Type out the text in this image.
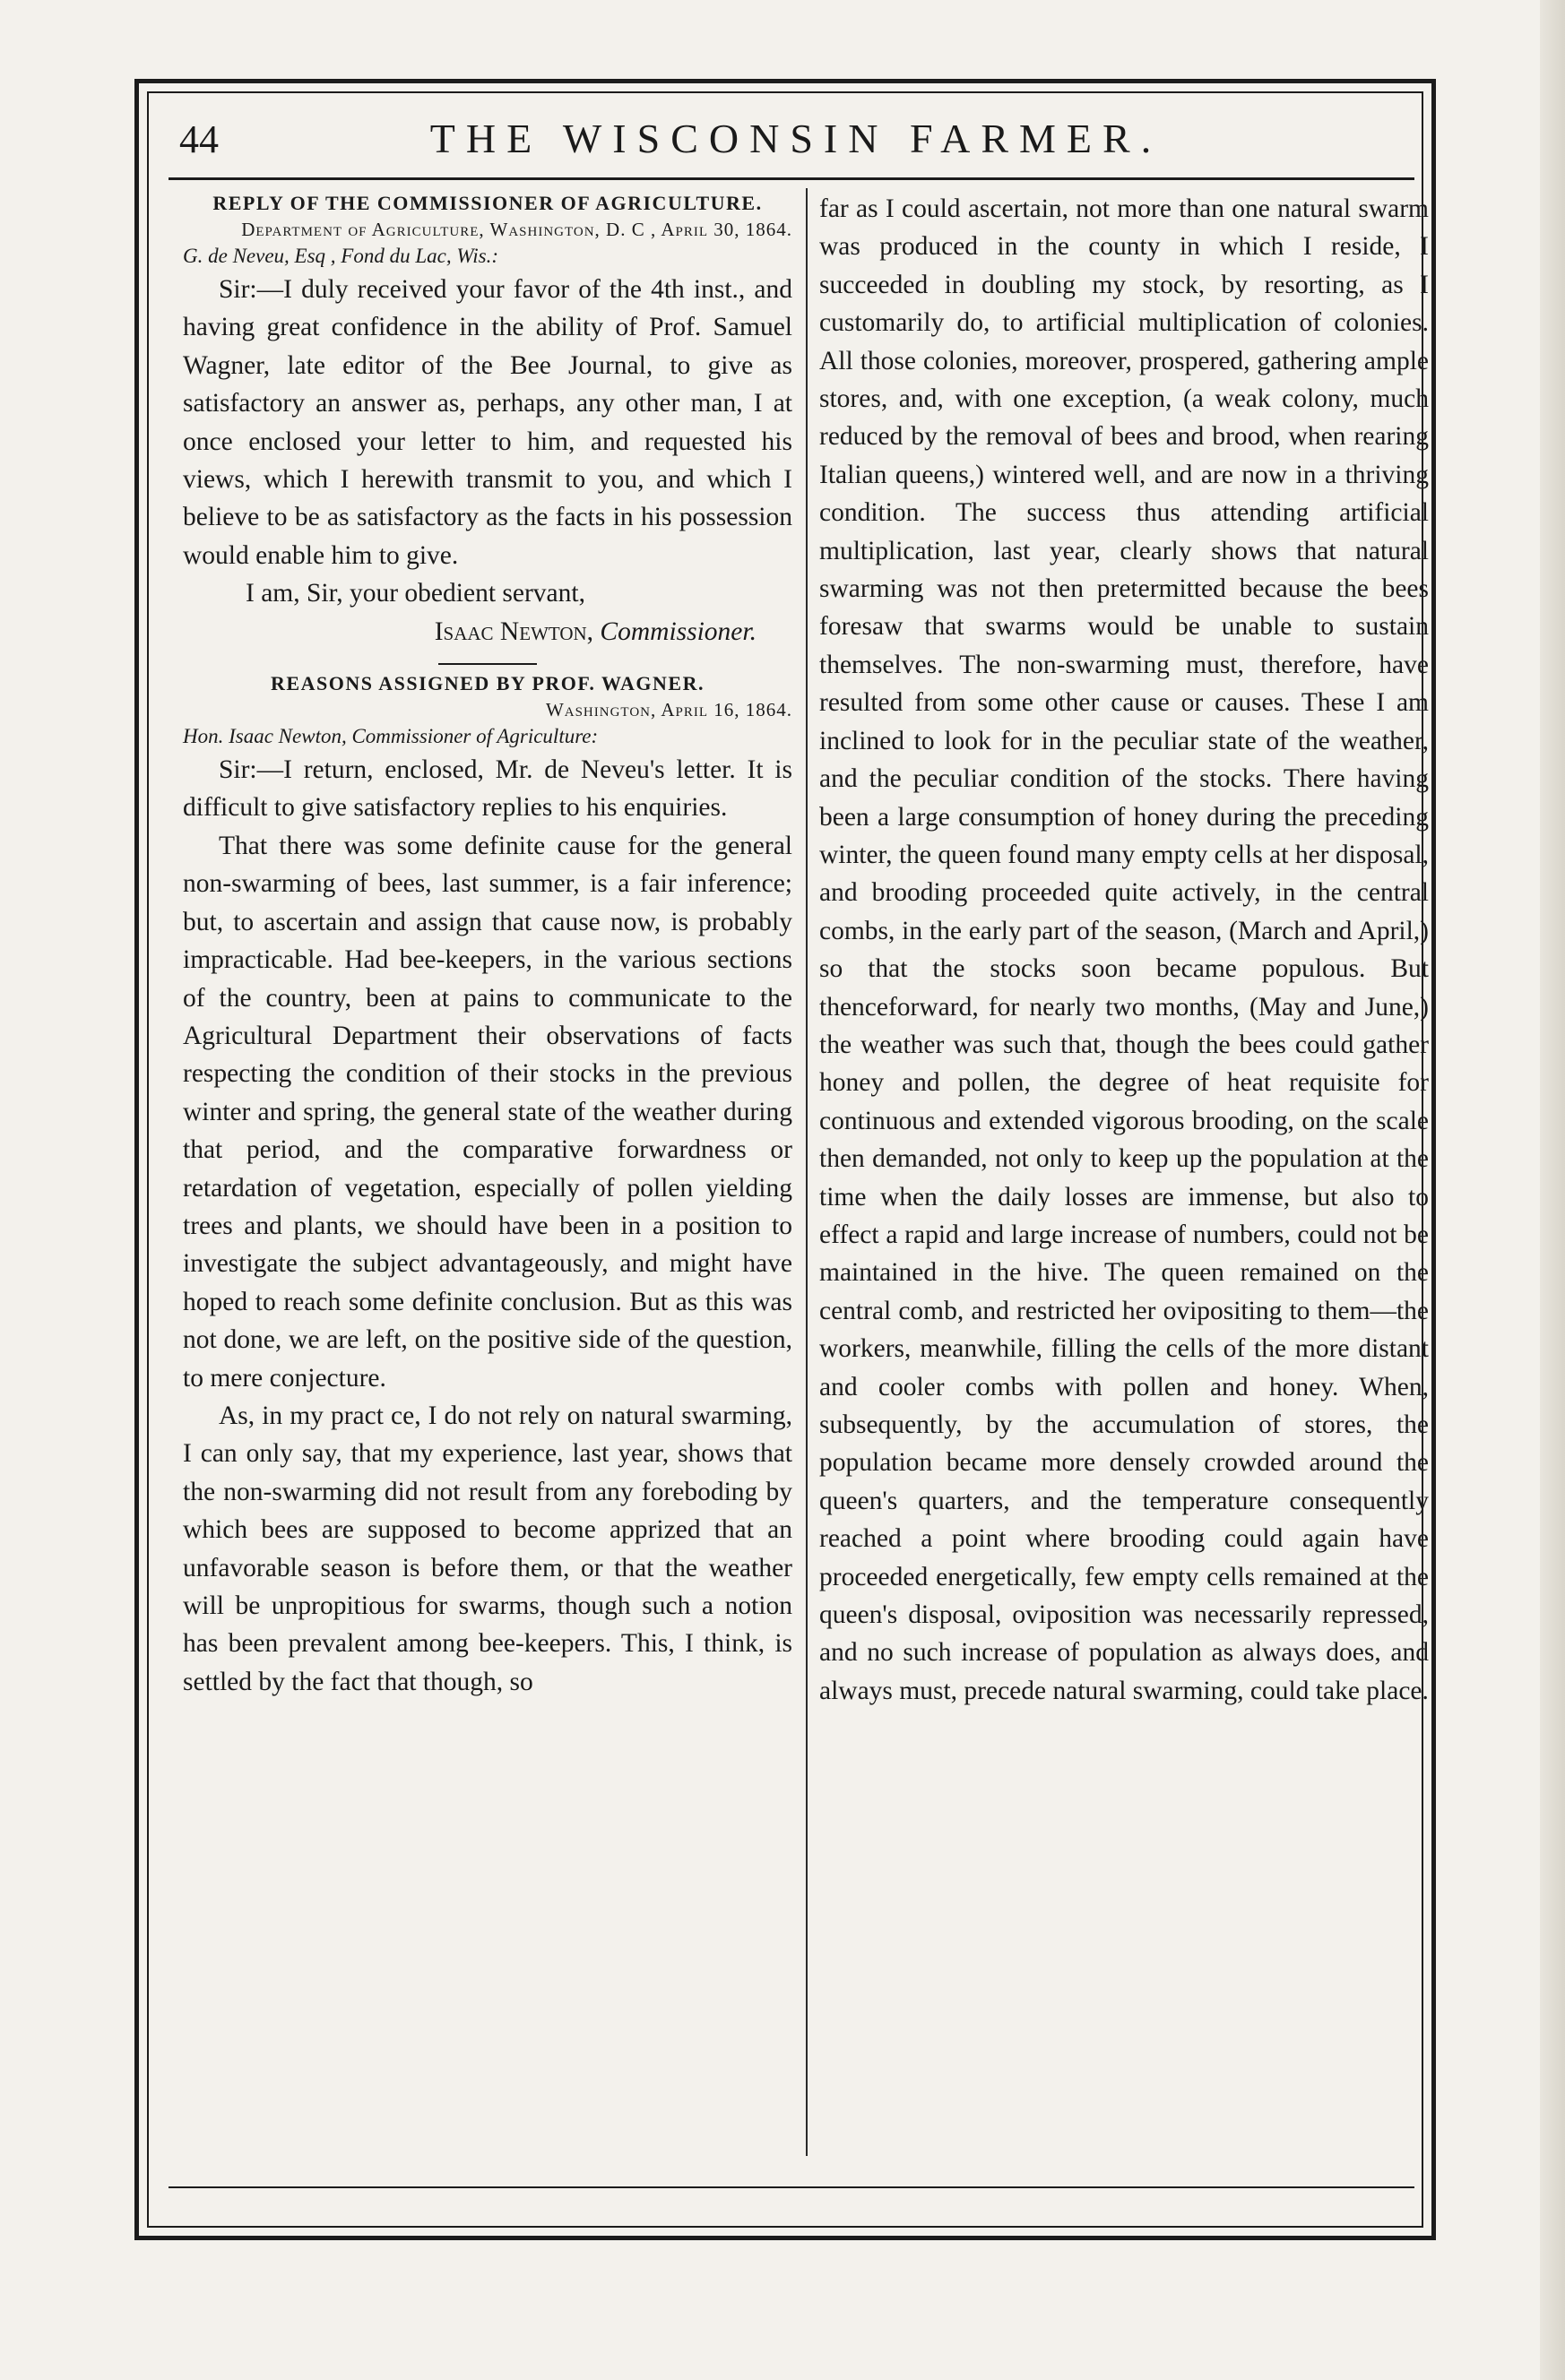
44	THE WISCONSIN FARMER.

REPLY OF THE COMMISSIONER OF AGRICULTURE.

Department of Agriculture, Washington, D. C , April 30, 1864.

G. de Neveu, Esq , Fond du Lac, Wis.:

Sir:—I duly received your favor of the 4th inst., and having great confidence in the ability of Prof. Samuel Wagner, late editor of the Bee Journal, to give as satisfactory an answer as, perhaps, any other man, I at once enclosed your letter to him, and requested his views, which I herewith transmit to you, and which I believe to be as satisfactory as the facts in his possession would enable him to give.

I am, Sir, your obedient servant,

Isaac Newton, Commissioner.

REASONS ASSIGNED BY PROF. WAGNER.

Washington, April 16, 1864.

Hon. Isaac Newton, Commissioner of Agriculture:

Sir:—I return, enclosed, Mr. de Neveu's letter. It is difficult to give satisfactory replies to his enquiries.

That there was some definite cause for the general non-swarming of bees, last summer, is a fair inference; but, to ascertain and assign that cause now, is probably impracticable. Had bee-keepers, in the various sections of the country, been at pains to communicate to the Agricultural Department their observations of facts respecting the condition of their stocks in the previous winter and spring, the general state of the weather during that period, and the comparative forwardness or retardation of vegetation, especially of pollen yielding trees and plants, we should have been in a position to investigate the subject advantageously, and might have hoped to reach some definite conclusion. But as this was not done, we are left, on the positive side of the question, to mere conjecture.

As, in my pract ce, I do not rely on natural swarming, I can only say, that my experience, last year, shows that the non-swarming did not result from any foreboding by which bees are supposed to become apprized that an unfavorable season is before them, or that the weather will be unpropitious for swarms, though such a notion has been prevalent among bee-keepers. This, I think, is settled by the fact that though, so

far as I could ascertain, not more than one natural swarm was produced in the county in which I reside, I succeeded in doubling my stock, by resorting, as I customarily do, to artificial multiplication of colonies. All those colonies, moreover, prospered, gathering ample stores, and, with one exception, (a weak colony, much reduced by the removal of bees and brood, when rearing Italian queens,) wintered well, and are now in a thriving condition. The success thus attending artificial multiplication, last year, clearly shows that natural swarming was not then pretermitted because the bees foresaw that swarms would be unable to sustain themselves. The non-swarming must, therefore, have resulted from some other cause or causes. These I am inclined to look for in the peculiar state of the weather, and the peculiar condition of the stocks. There having been a large consumption of honey during the preceding winter, the queen found many empty cells at her disposal, and brooding proceeded quite actively, in the central combs, in the early part of the season, (March and April,) so that the stocks soon became populous. But thenceforward, for nearly two months, (May and June,) the weather was such that, though the bees could gather honey and pollen, the degree of heat requisite for continuous and extended vigorous brooding, on the scale then demanded, not only to keep up the population at the time when the daily losses are immense, but also to effect a rapid and large increase of numbers, could not be maintained in the hive. The queen remained on the central comb, and restricted her ovipositing to them—the workers, meanwhile, filling the cells of the more distant and cooler combs with pollen and honey. When, subsequently, by the accumulation of stores, the population became more densely crowded around the queen's quarters, and the temperature consequently reached a point where brooding could again have proceeded energetically, few empty cells remained at the queen's disposal, oviposition was necessarily repressed, and no such increase of population as always does, and always must, precede natural swarming, could take place.
